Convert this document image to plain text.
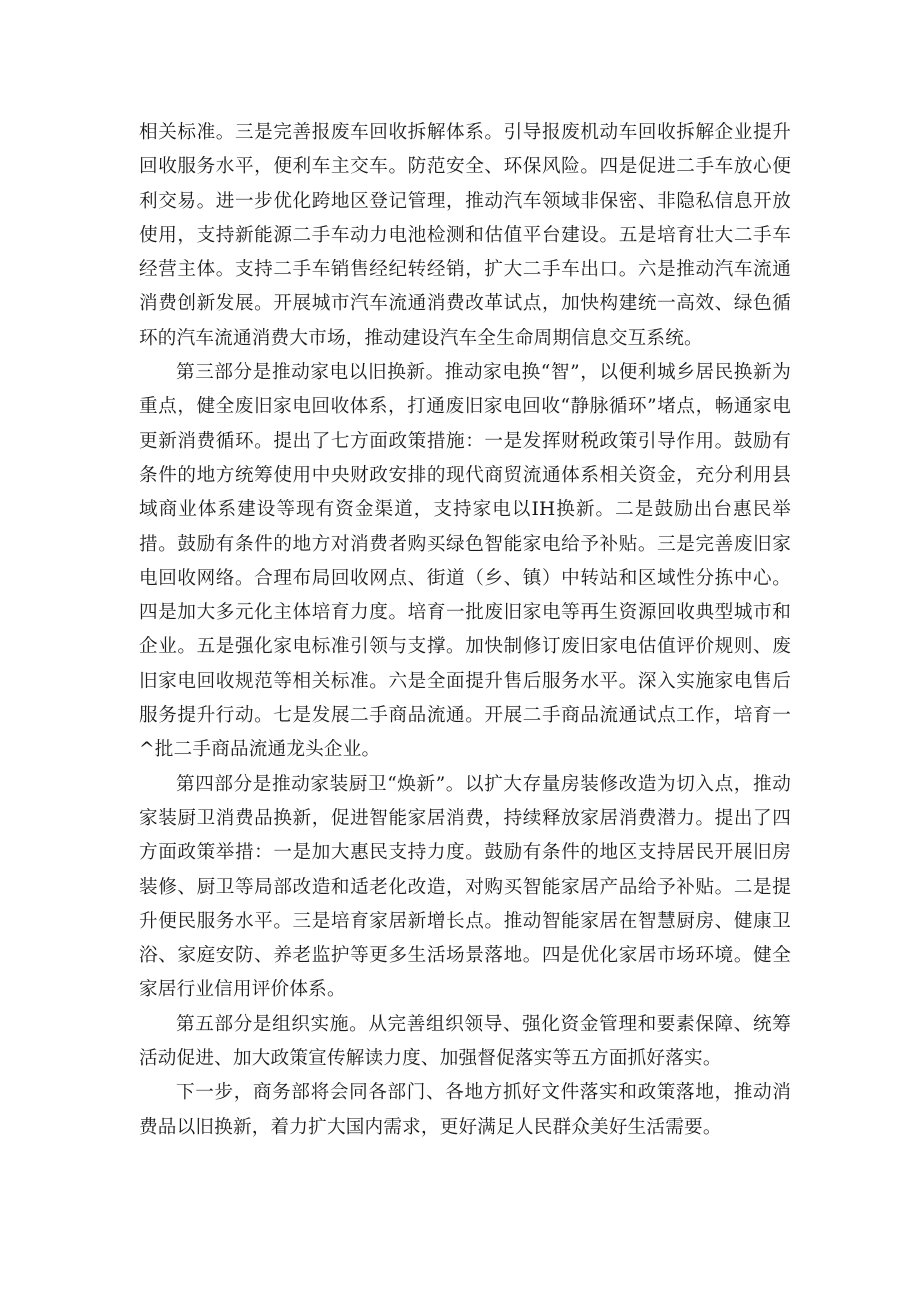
相关标准。三是完善报废车回收拆解体系。引导报废机动车回收拆解企业提升回收服务水平，便利车主交车。防范安全、环保风险。四是促进二手车放心便利交易。进一步优化跨地区登记管理，推动汽车领域非保密、非隐私信息开放使用，支持新能源二手车动力电池检测和估值平台建设。五是培育壮大二手车经营主体。支持二手车销售经纪转经销，扩大二手车出口。六是推动汽车流通消费创新发展。开展城市汽车流通消费改革试点，加快构建统一高效、绿色循环的汽车流通消费大市场，推动建设汽车全生命周期信息交互系统。

第三部分是推动家电以旧换新。推动家电换“智”，以便利城乡居民换新为重点，健全废旧家电回收体系，打通废旧家电回收“静脉循环”堵点，畅通家电更新消费循环。提出了七方面政策措施：一是发挥财税政策引导作用。鼓励有条件的地方统筹使用中央财政安排的现代商贸流通体系相关资金，充分利用县域商业体系建设等现有资金渠道，支持家电以IH换新。二是鼓励出台惠民举措。鼓励有条件的地方对消费者购买绿色智能家电给予补贴。三是完善废旧家电回收网络。合理布局回收网点、街道（乡、镇）中转站和区域性分拣中心。四是加大多元化主体培育力度。培育一批废旧家电等再生资源回收典型城市和企业。五是强化家电标准引领与支撑。加快制修订废旧家电估值评价规则、废旧家电回收规范等相关标准。六是全面提升售后服务水平。深入实施家电售后服务提升行动。七是发展二手商品流通。开展二手商品流通试点工作，培育一^批二手商品流通龙头企业。

第四部分是推动家装厨卫“焕新”。以扩大存量房装修改造为切入点，推动家装厨卫消费品换新，促进智能家居消费，持续释放家居消费潜力。提出了四方面政策举措：一是加大惠民支持力度。鼓励有条件的地区支持居民开展旧房装修、厨卫等局部改造和适老化改造，对购买智能家居产品给予补贴。二是提升便民服务水平。三是培育家居新增长点。推动智能家居在智慧厨房、健康卫浴、家庭安防、养老监护等更多生活场景落地。四是优化家居市场环境。健全家居行业信用评价体系。

第五部分是组织实施。从完善组织领导、强化资金管理和要素保障、统筹活动促进、加大政策宣传解读力度、加强督促落实等五方面抓好落实。

下一步，商务部将会同各部门、各地方抓好文件落实和政策落地，推动消费品以旧换新，着力扩大国内需求，更好满足人民群众美好生活需要。
